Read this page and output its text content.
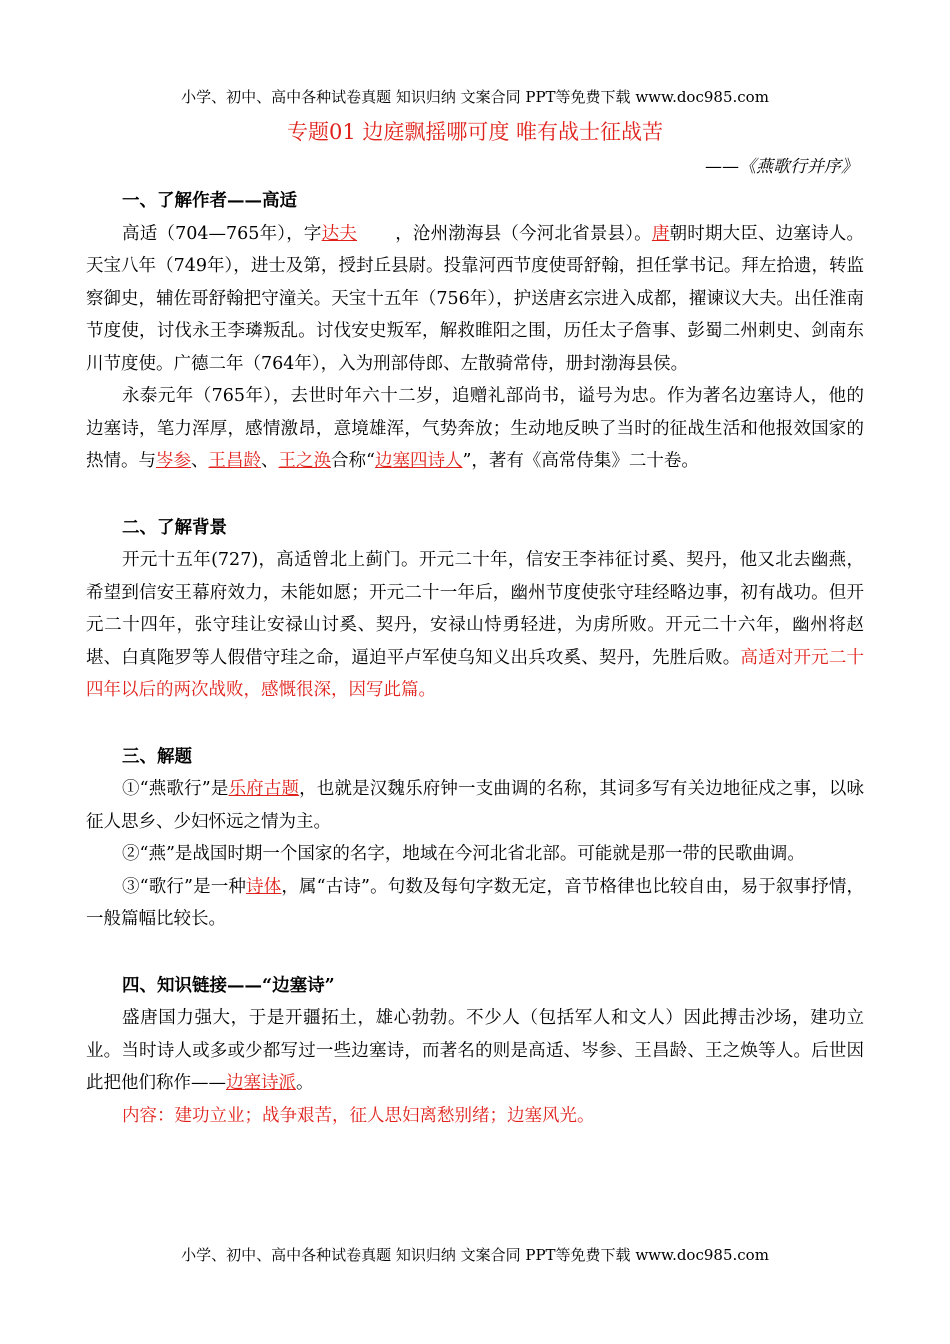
小学、初中、高中各种试卷真题 知识归纳 文案合同 PPT等免费下载 www.doc985.com
专题01 边庭飘摇哪可度 唯有战士征战苦
——《燕歌行并序》
一、了解作者——高适

高适（704—765年），字达夫 ，沧州渤海县（今河北省景县）。唐朝时期大臣、边塞诗人。天宝八年（749年），进士及第，授封丘县尉。投靠河西节度使哥舒翰，担任掌书记。拜左拾遗，转监察御史，辅佐哥舒翰把守潼关。天宝十五年（756年），护送唐玄宗进入成都，擢谏议大夫。出任淮南节度使，讨伐永王李璘叛乱。讨伐安史叛军，解救睢阳之围，历任太子詹事、彭蜀二州刺史、剑南东川节度使。广德二年（764年），入为刑部侍郎、左散骑常侍，册封渤海县侯。

永泰元年（765年），去世时年六十二岁，追赠礼部尚书，谥号为忠。作为著名边塞诗人，他的边塞诗，笔力浑厚，感情激昂，意境雄浑，气势奔放；生动地反映了当时的征战生活和他报效国家的热情。与岑参、王昌龄、王之涣合称“边塞四诗人”，著有《高常侍集》二十卷。

二、了解背景

开元十五年(727)，高适曾北上蓟门。开元二十年，信安王李祎征讨奚、契丹，他又北去幽燕，希望到信安王幕府效力，未能如愿；开元二十一年后，幽州节度使张守珪经略边事，初有战功。但开元二十四年，张守珪让安禄山讨奚、契丹，安禄山恃勇轻进，为虏所败。开元二十六年，幽州将赵堪、白真陁罗等人假借守珪之命，逼迫平卢军使乌知义出兵攻奚、契丹，先胜后败。高适对开元二十四年以后的两次战败，感慨很深，因写此篇。

三、解题

①“燕歌行”是乐府古题，也就是汉魏乐府钟一支曲调的名称，其词多写有关边地征戍之事，以咏征人思乡、少妇怀远之情为主。

②“燕”是战国时期一个国家的名字，地域在今河北省北部。可能就是那一带的民歌曲调。

③“歌行”是一种诗体，属“古诗”。句数及每句字数无定，音节格律也比较自由，易于叙事抒情，一般篇幅比较长。

四、知识链接——“边塞诗”

盛唐国力强大，于是开疆拓土，雄心勃勃。不少人（包括军人和文人）因此搏击沙场，建功立业。当时诗人或多或少都写过一些边塞诗，而著名的则是高适、岑参、王昌龄、王之焕等人。后世因此把他们称作——边塞诗派。

内容：建功立业；战争艰苦，征人思妇离愁别绪；边塞风光。

小学、初中、高中各种试卷真题 知识归纳 文案合同 PPT等免费下载 www.doc985.com
